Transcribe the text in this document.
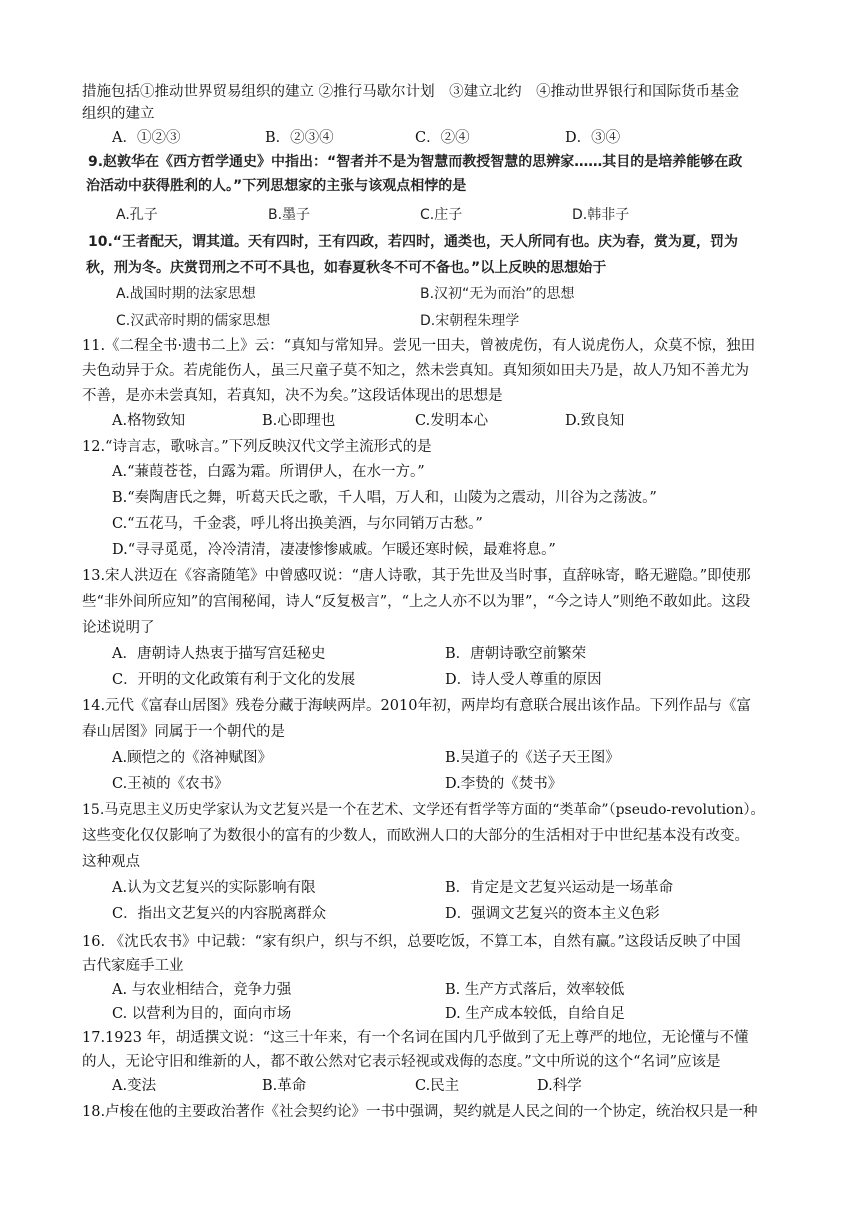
措施包括①推动世界贸易组织的建立 ②推行马歇尔计划　③建立北约　④推动世界银行和国际货币基金
组织的建立
A．①②③	B．②③④	C．②④	D．③④
9.赵敦华在《西方哲学通史》中指出：“智者并不是为智慧而教授智慧的思辨家……其目的是培养能够在政
治活动中获得胜利的人。”下列思想家的主张与该观点相悖的是
A.孔子	B.墨子	C.庄子	D.韩非子
10.“王者配天，谓其道。天有四时，王有四政，若四时，通类也，天人所同有也。庆为春，赏为夏，罚为
秋，刑为冬。庆赏罚刑之不可不具也，如春夏秋冬不可不备也。”以上反映的思想始于
A.战国时期的法家思想	B.汉初“无为而治”的思想
C.汉武帝时期的儒家思想	D.宋朝程朱理学
11.《二程全书·遗书二上》云：“真知与常知异。尝见一田夫，曾被虎伤，有人说虎伤人，众莫不惊，独田
夫色动异于众。若虎能伤人，虽三尺童子莫不知之，然未尝真知。真知须如田夫乃是，故人乃知不善尤为
不善，是亦未尝真知，若真知，决不为矣。”这段话体现出的思想是
A.格物致知	B.心即理也	C.发明本心	D.致良知
12.“诗言志，歌咏言。”下列反映汉代文学主流形式的是
A.“蒹葭苍苍，白露为霜。所谓伊人，在水一方。”
B.“奏陶唐氏之舞，听葛天氏之歌，千人唱，万人和，山陵为之震动，川谷为之荡波。”
C.“五花马，千金裘，呼儿将出换美酒，与尔同销万古愁。”
D.“寻寻觅觅，冷冷清清，凄凄惨惨戚戚。乍暖还寒时候，最难将息。”
13.宋人洪迈在《容斋随笔》中曾感叹说：“唐人诗歌，其于先世及当时事，直辞咏寄，略无避隐。”即使那
些“非外间所应知”的宫闱秘闻，诗人“反复极言”，“上之人亦不以为罪”，“今之诗人”则绝不敢如此。这段
论述说明了
A．唐朝诗人热衷于描写宫廷秘史	B．唐朝诗歌空前繁荣
C．开明的文化政策有利于文化的发展	D．诗人受人尊重的原因
14.元代《富春山居图》残卷分藏于海峡两岸。2010年初，两岸均有意联合展出该作品。下列作品与《富
春山居图》同属于一个朝代的是
A.顾恺之的《洛神赋图》	B.吴道子的《送子天王图》
C.王祯的《农书》	D.李贽的《焚书》
15.马克思主义历史学家认为文艺复兴是一个在艺术、文学还有哲学等方面的“类革命”（pseudo-revolution）。
这些变化仅仅影响了为数很小的富有的少数人，而欧洲人口的大部分的生活相对于中世纪基本没有改变。
这种观点
A.认为文艺复兴的实际影响有限	B．肯定是文艺复兴运动是一场革命
C．指出文艺复兴的内容脱离群众	D．强调文艺复兴的资本主义色彩
16. 《沈氏农书》中记载：“家有织户，织与不织，总要吃饭，不算工本，自然有赢。”这段话反映了中国
古代家庭手工业
A. 与农业相结合，竞争力强	B. 生产方式落后，效率较低
C. 以营利为目的，面向市场	D. 生产成本较低，自给自足
17.1923 年，胡适撰文说：“这三十年来，有一个名词在国内几乎做到了无上尊严的地位，无论懂与不懂
的人，无论守旧和维新的人，都不敢公然对它表示轻视或戏侮的态度。”文中所说的这个“名词”应该是
A.变法	B.革命	C.民主	D.科学
18.卢梭在他的主要政治著作《社会契约论》一书中强调，契约就是人民之间的一个协定，统治权只是一种
